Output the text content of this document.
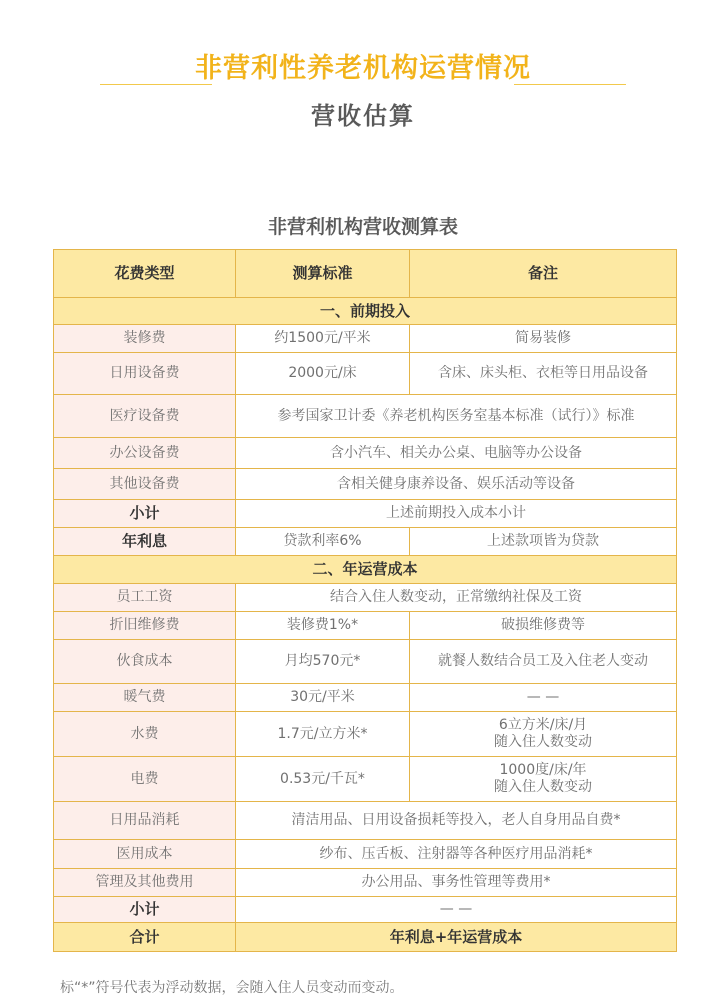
非营利性养老机构运营情况
营收估算
非营利机构营收测算表
花费类型	测算标准	备注
一、前期投入		
装修费	约1500元/平米	简易装修
日用设备费	2000元/床	含床、床头柜、衣柜等日用品设备
医疗设备费	参考国家卫计委《养老机构医务室基本标准（试行）》标准	
办公设备费	含小汽车、相关办公桌、电脑等办公设备	
其他设备费	含相关健身康养设备、娱乐活动等设备	
小计	上述前期投入成本小计	
年利息	贷款利率6%	上述款项皆为贷款
二、年运营成本		
员工工资	结合入住人数变动，正常缴纳社保及工资	
折旧维修费	装修费1%*	破损维修费等
伙食成本	月均570元*	就餐人数结合员工及入住老人变动
暖气费	30元/平米	— —
水费	1.7元/立方米*	6立方米/床/月
随入住人数变动

电费	0.53元/千瓦*	1000度/床/年
随入住人数变动

日用品消耗	清洁用品、日用设备损耗等投入，老人自身用品自费*	
医用成本	纱布、压舌板、注射器等各种医疗用品消耗*	
管理及其他费用	办公用品、事务性管理等费用*	
小计	— —	
合计	年利息+年运营成本	
标“*”符号代表为浮动数据，会随入住人员变动而变动。
